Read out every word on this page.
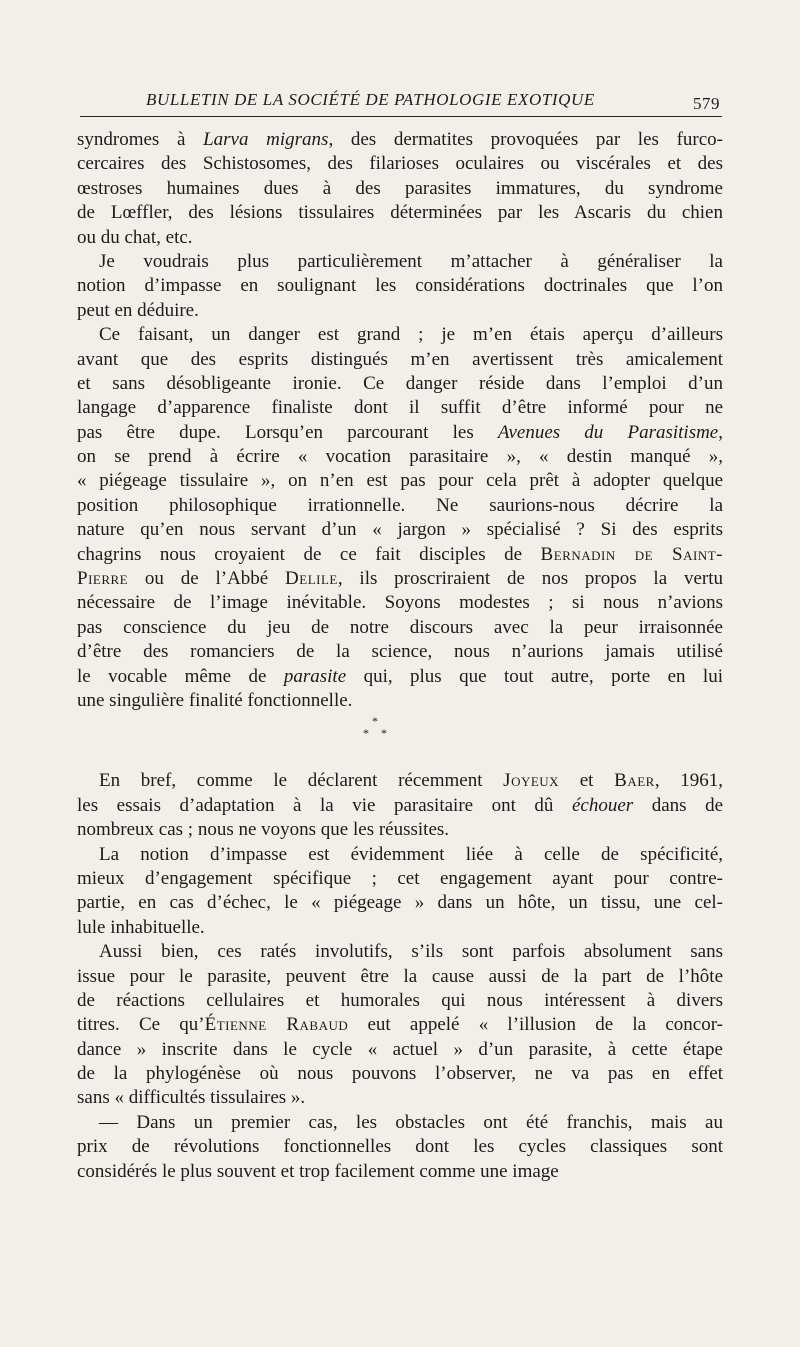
BULLETIN DE LA SOCIÉTÉ DE PATHOLOGIE EXOTIQUE	579
syndromes à Larva migrans, des dermatites provoquées par les furco-
cercaires des Schistosomes, des filarioses oculaires ou viscérales et des
œstroses humaines dues à des parasites immatures, du syndrome
de Lœffler, des lésions tissulaires déterminées par les Ascaris du chien
ou du chat, etc.
Je voudrais plus particulièrement m’attacher à généraliser la
notion d’impasse en soulignant les considérations doctrinales que l’on
peut en déduire.
Ce faisant, un danger est grand ; je m’en étais aperçu d’ailleurs
avant que des esprits distingués m’en avertissent très amicalement
et sans désobligeante ironie. Ce danger réside dans l’emploi d’un
langage d’apparence finaliste dont il suffit d’être informé pour ne
pas être dupe. Lorsqu’en parcourant les Avenues du Parasitisme,
on se prend à écrire « vocation parasitaire », « destin manqué »,
« piégeage tissulaire », on n’en est pas pour cela prêt à adopter quelque
position philosophique irrationnelle. Ne saurions-nous décrire la
nature qu’en nous servant d’un « jargon » spécialisé ? Si des esprits
chagrins nous croyaient de ce fait disciples de Bernadin de Saint-
Pierre ou de l’Abbé Delile, ils proscriraient de nos propos la vertu
nécessaire de l’image inévitable. Soyons modestes ; si nous n’avions
pas conscience du jeu de notre discours avec la peur irraisonnée
d’être des romanciers de la science, nous n’aurions jamais utilisé
le vocable même de parasite qui, plus que tout autre, porte en lui
une singulière finalité fonctionnelle.
*
* *
En bref, comme le déclarent récemment Joyeux et Baer, 1961,
les essais d’adaptation à la vie parasitaire ont dû échouer dans de
nombreux cas ; nous ne voyons que les réussites.
La notion d’impasse est évidemment liée à celle de spécificité,
mieux d’engagement spécifique ; cet engagement ayant pour contre-
partie, en cas d’échec, le « piégeage » dans un hôte, un tissu, une cel-
lule inhabituelle.
Aussi bien, ces ratés involutifs, s’ils sont parfois absolument sans
issue pour le parasite, peuvent être la cause aussi de la part de l’hôte
de réactions cellulaires et humorales qui nous intéressent à divers
titres. Ce qu’Étienne Rabaud eut appelé « l’illusion de la concor-
dance » inscrite dans le cycle « actuel » d’un parasite, à cette étape
de la phylogénèse où nous pouvons l’observer, ne va pas en effet
sans « difficultés tissulaires ».
— Dans un premier cas, les obstacles ont été franchis, mais au
prix de révolutions fonctionnelles dont les cycles classiques sont
considérés le plus souvent et trop facilement comme une image
